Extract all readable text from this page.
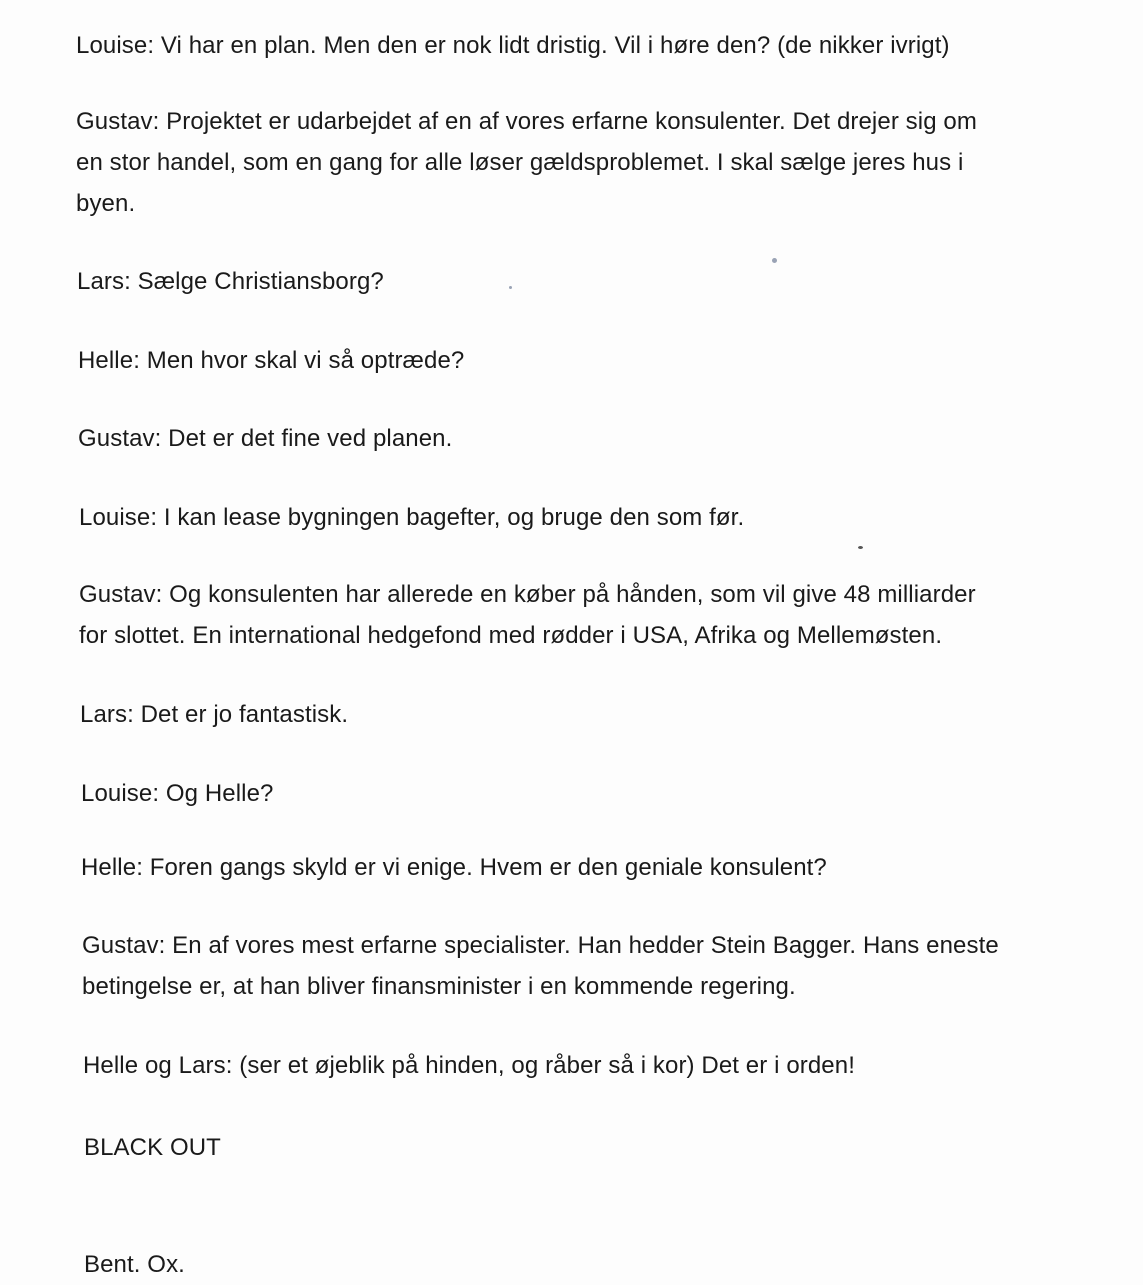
Louise: Vi har en plan. Men den er nok lidt dristig. Vil i høre den? (de nikker ivrigt)

Gustav: Projektet er udarbejdet af en af vores erfarne konsulenter. Det drejer sig om
en stor handel, som en gang for alle løser gældsproblemet. I skal sælge jeres hus i
byen.

Lars: Sælge Christiansborg?

Helle: Men hvor skal vi så optræde?

Gustav: Det er det fine ved planen.

Louise: I kan lease bygningen bagefter, og bruge den som før.

Gustav: Og konsulenten har allerede en køber på hånden, som vil give 48 milliarder
for slottet. En international hedgefond med rødder i USA, Afrika og Mellemøsten.

Lars: Det er jo fantastisk.

Louise: Og Helle?

Helle: Foren gangs skyld er vi enige. Hvem er den geniale konsulent?

Gustav: En af vores mest erfarne specialister. Han hedder Stein Bagger. Hans eneste
betingelse er, at han bliver finansminister i en kommende regering.

Helle og Lars: (ser et øjeblik på hinden, og råber så i kor) Det er i orden!

BLACK OUT

Bent. Ox.
